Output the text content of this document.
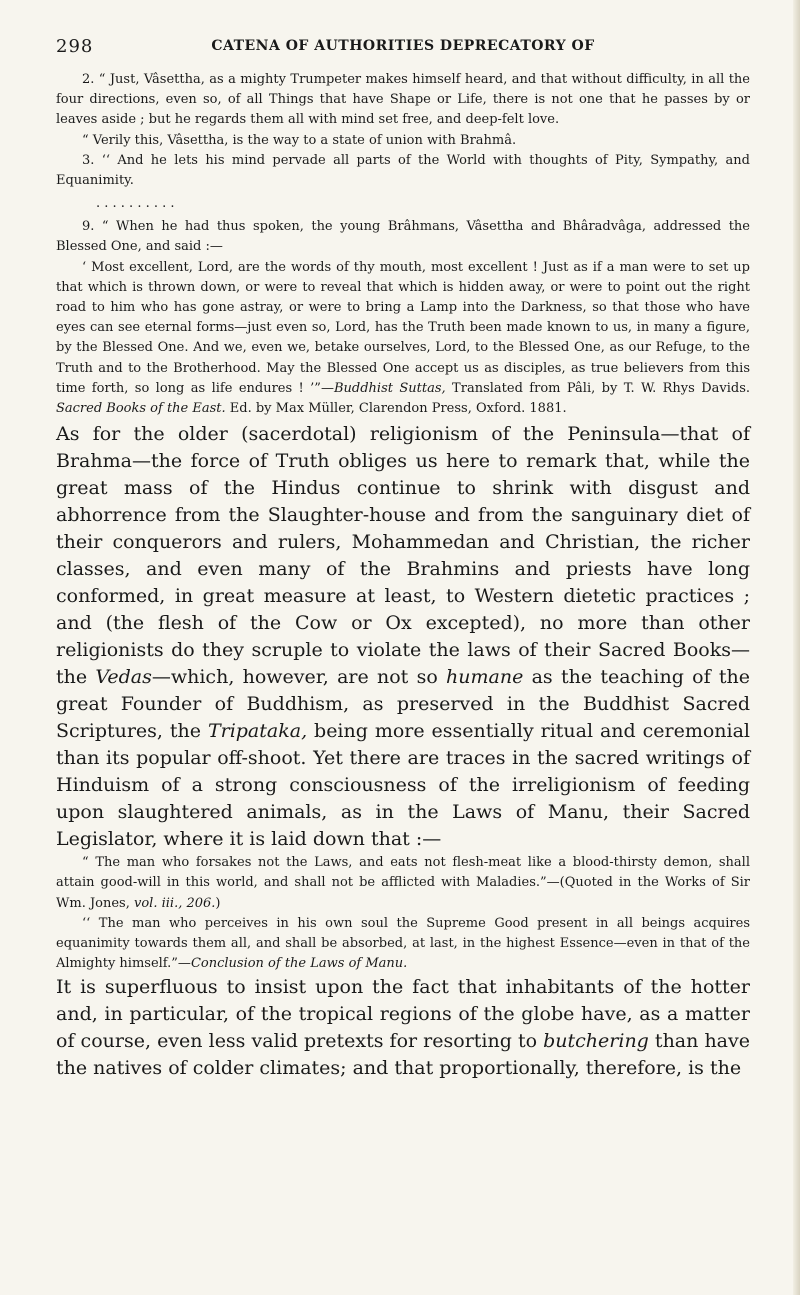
298	CATENA OF AUTHORITIES DEPRECATORY OF

2. “ Just, Vâsettha, as a mighty Trumpeter makes himself heard, and that without difficulty, in all the four directions, even so, of all Things that have Shape or Life, there is not one that he passes by or leaves aside ; but he regards them all with mind set free, and deep-felt love.

“ Verily this, Vâsettha, is the way to a state of union with Brahmâ.

3. ‘‘ And he lets his mind pervade all parts of the World with thoughts of Pity, Sympathy, and Equanimity.

. . . . . . . . . .

9. “ When he had thus spoken, the young Brâhmans, Vâsettha and Bhâradvâga, addressed the Blessed One, and said :—

‘ Most excellent, Lord, are the words of thy mouth, most excellent ! Just as if a man were to set up that which is thrown down, or were to reveal that which is hidden away, or were to point out the right road to him who has gone astray, or were to bring a Lamp into the Darkness, so that those who have eyes can see eternal forms—just even so, Lord, has the Truth been made known to us, in many a figure, by the Blessed One. And we, even we, betake ourselves, Lord, to the Blessed One, as our Refuge, to the Truth and to the Brotherhood. May the Blessed One accept us as disciples, as true believers from this time forth, so long as life endures ! ’”—Buddhist Suttas, Translated from Pâli, by T. W. Rhys Davids. Sacred Books of the East. Ed. by Max Müller, Clarendon Press, Oxford. 1881.

As for the older (sacerdotal) religionism of the Peninsula—that of Brahma—the force of Truth obliges us here to remark that, while the great mass of the Hindus continue to shrink with disgust and abhorrence from the Slaughter-house and from the sanguinary diet of their conquerors and rulers, Mohammedan and Christian, the richer classes, and even many of the Brahmins and priests have long conformed, in great measure at least, to Western dietetic practices ; and (the flesh of the Cow or Ox excepted), no more than other religionists do they scruple to violate the laws of their Sacred Books—the Vedas—which, however, are not so humane as the teaching of the great Founder of Buddhism, as preserved in the Buddhist Sacred Scriptures, the Tripataka, being more essentially ritual and ceremonial than its popular off-shoot. Yet there are traces in the sacred writings of Hinduism of a strong consciousness of the irreligionism of feeding upon slaughtered animals, as in the Laws of Manu, their Sacred Legislator, where it is laid down that :—

“ The man who forsakes not the Laws, and eats not flesh-meat like a blood-thirsty demon, shall attain good-will in this world, and shall not be afflicted with Maladies.”—(Quoted in the Works of Sir Wm. Jones, vol. iii., 206.)

‘‘ The man who perceives in his own soul the Supreme Good present in all beings acquires equanimity towards them all, and shall be absorbed, at last, in the highest Essence—even in that of the Almighty himself.”—Conclusion of the Laws of Manu.

It is superfluous to insist upon the fact that inhabitants of the hotter and, in particular, of the tropical regions of the globe have, as a matter of course, even less valid pretexts for resorting to butchering than have the natives of colder climates; and that proportionally, therefore, is the
